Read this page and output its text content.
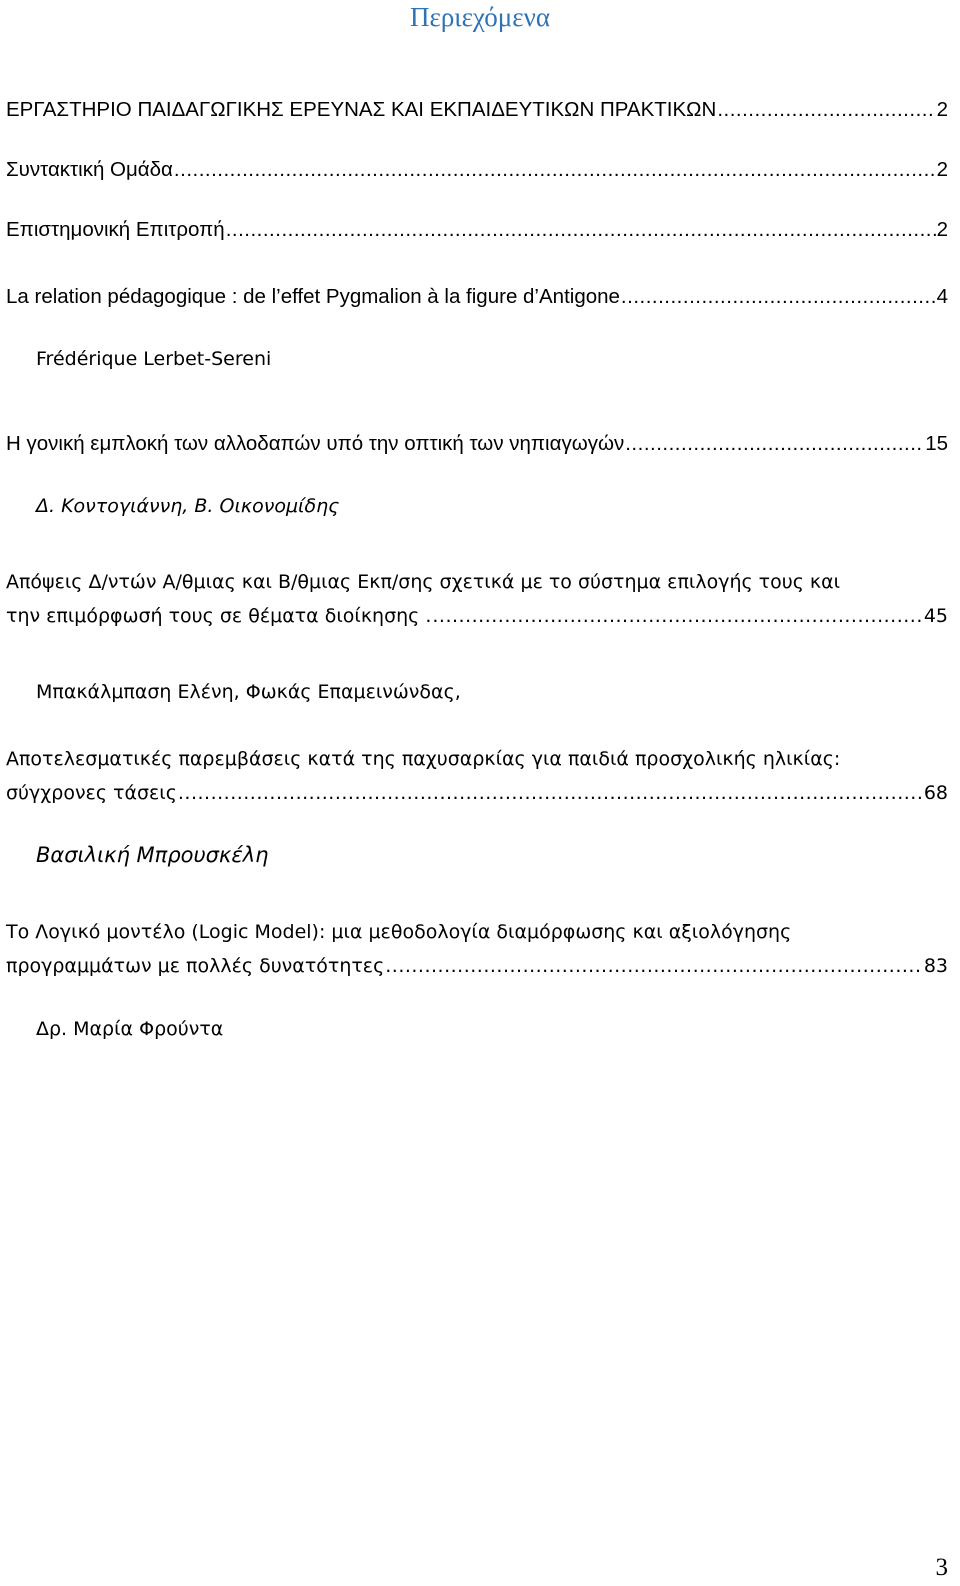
Περιεχόμενα
ΕΡΓΑΣΤΗΡΙΟ ΠΑΙΔΑΓΩΓΙΚΗΣ ΕΡΕΥΝΑΣ ΚΑΙ ΕΚΠΑΙΔΕΥΤΙΚΩΝ ΠΡΑΚΤΙΚΩΝ .....	2
Συντακτική Ομάδα .....	2
Επιστημονική Επιτροπή .....	2
La relation pédagogique : de l’effet Pygmalion à la figure d’Antigone .....	4
Frédérique Lerbet-Sereni
Η γονική εμπλοκή των αλλοδαπών υπό την οπτική των νηπιαγωγών .....	15
Δ. Κοντογιάννη, Β. Οικονομίδης
Απόψεις Δ/ντών Α/θμιας και Β/θμιας Εκπ/σης σχετικά με το σύστημα επιλογής τους και
την επιμόρφωσή τους σε θέματα διοίκησης . .....	45
Μπακάλμπαση Ελένη, Φωκάς Επαμεινώνδας,
Αποτελεσματικές παρεμβάσεις κατά της παχυσαρκίας για παιδιά προσχολικής ηλικίας:
σύγχρονες τάσεις .....	68
Βασιλική Μπρουσκέλη
Το Λογικό μοντέλο (Logic Model): μια μεθοδολογία διαμόρφωσης και αξιολόγησης
προγραμμάτων με πολλές δυνατότητες .....	83
Δρ. Μαρία Φρούντα
3
